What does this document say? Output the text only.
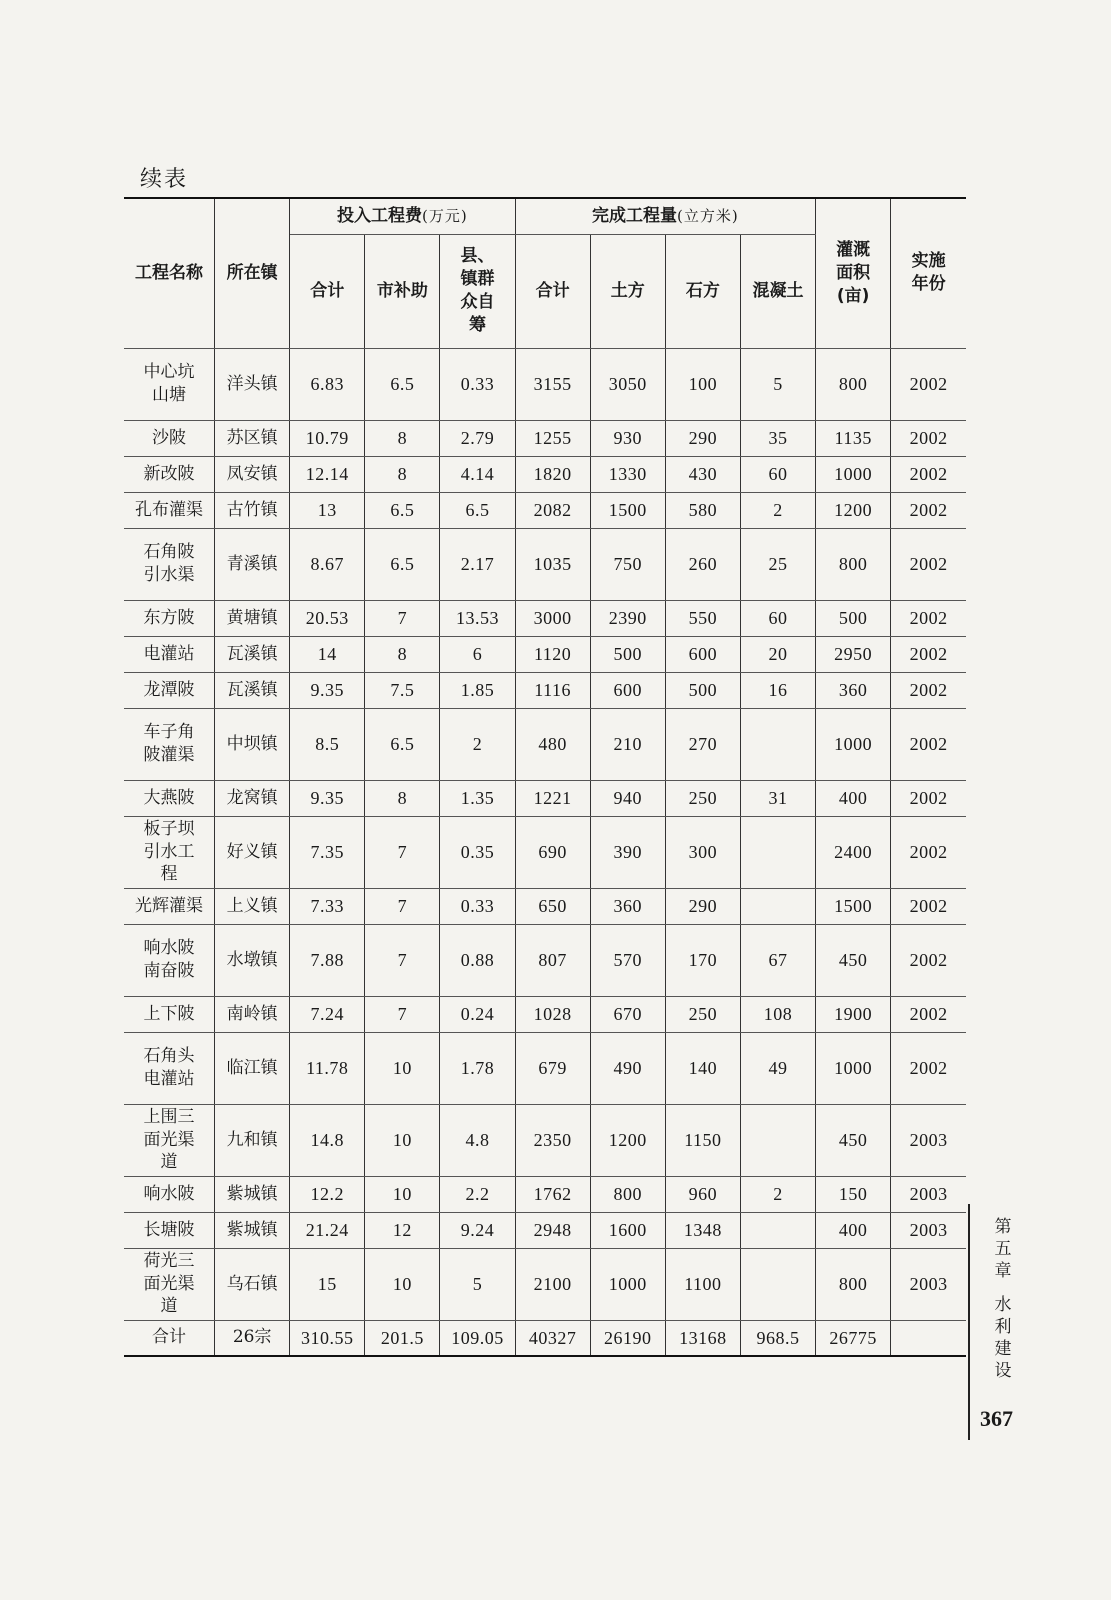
续表
工程名称	所在镇	投入工程费(万元)			完成工程量(立方米)				灌溉面积(亩)	实施年份
		合计	市补助	县、镇群众自筹	合计	土方	石方	混凝土		
中心坑山塘	洋头镇	6.83	6.5	0.33	3155	3050	100	5	800	2002
沙陂	苏区镇	10.79	8	2.79	1255	930	290	35	1135	2002
新改陂	凤安镇	12.14	8	4.14	1820	1330	430	60	1000	2002
孔布灌渠	古竹镇	13	6.5	6.5	2082	1500	580	2	1200	2002
石角陂引水渠	青溪镇	8.67	6.5	2.17	1035	750	260	25	800	2002
东方陂	黄塘镇	20.53	7	13.53	3000	2390	550	60	500	2002
电灌站	瓦溪镇	14	8	6	1120	500	600	20	2950	2002
龙潭陂	瓦溪镇	9.35	7.5	1.85	1116	600	500	16	360	2002
车子角陂灌渠	中坝镇	8.5	6.5	2	480	210	270		1000	2002
大燕陂	龙窝镇	9.35	8	1.35	1221	940	250	31	400	2002
板子坝引水工程	好义镇	7.35	7	0.35	690	390	300		2400	2002
光辉灌渠	上义镇	7.33	7	0.33	650	360	290		1500	2002
响水陂南奋陂	水墩镇	7.88	7	0.88	807	570	170	67	450	2002
上下陂	南岭镇	7.24	7	0.24	1028	670	250	108	1900	2002
石角头电灌站	临江镇	11.78	10	1.78	679	490	140	49	1000	2002
上围三面光渠道	九和镇	14.8	10	4.8	2350	1200	1150		450	2003
响水陂	紫城镇	12.2	10	2.2	1762	800	960	2	150	2003
长塘陂	紫城镇	21.24	12	9.24	2948	1600	1348		400	2003
荷光三面光渠道	乌石镇	15	10	5	2100	1000	1100		800	2003
合计	26宗	310.55	201.5	109.05	40327	26190	13168	968.5	26775	
第
五
章
水
利
建
设
367
